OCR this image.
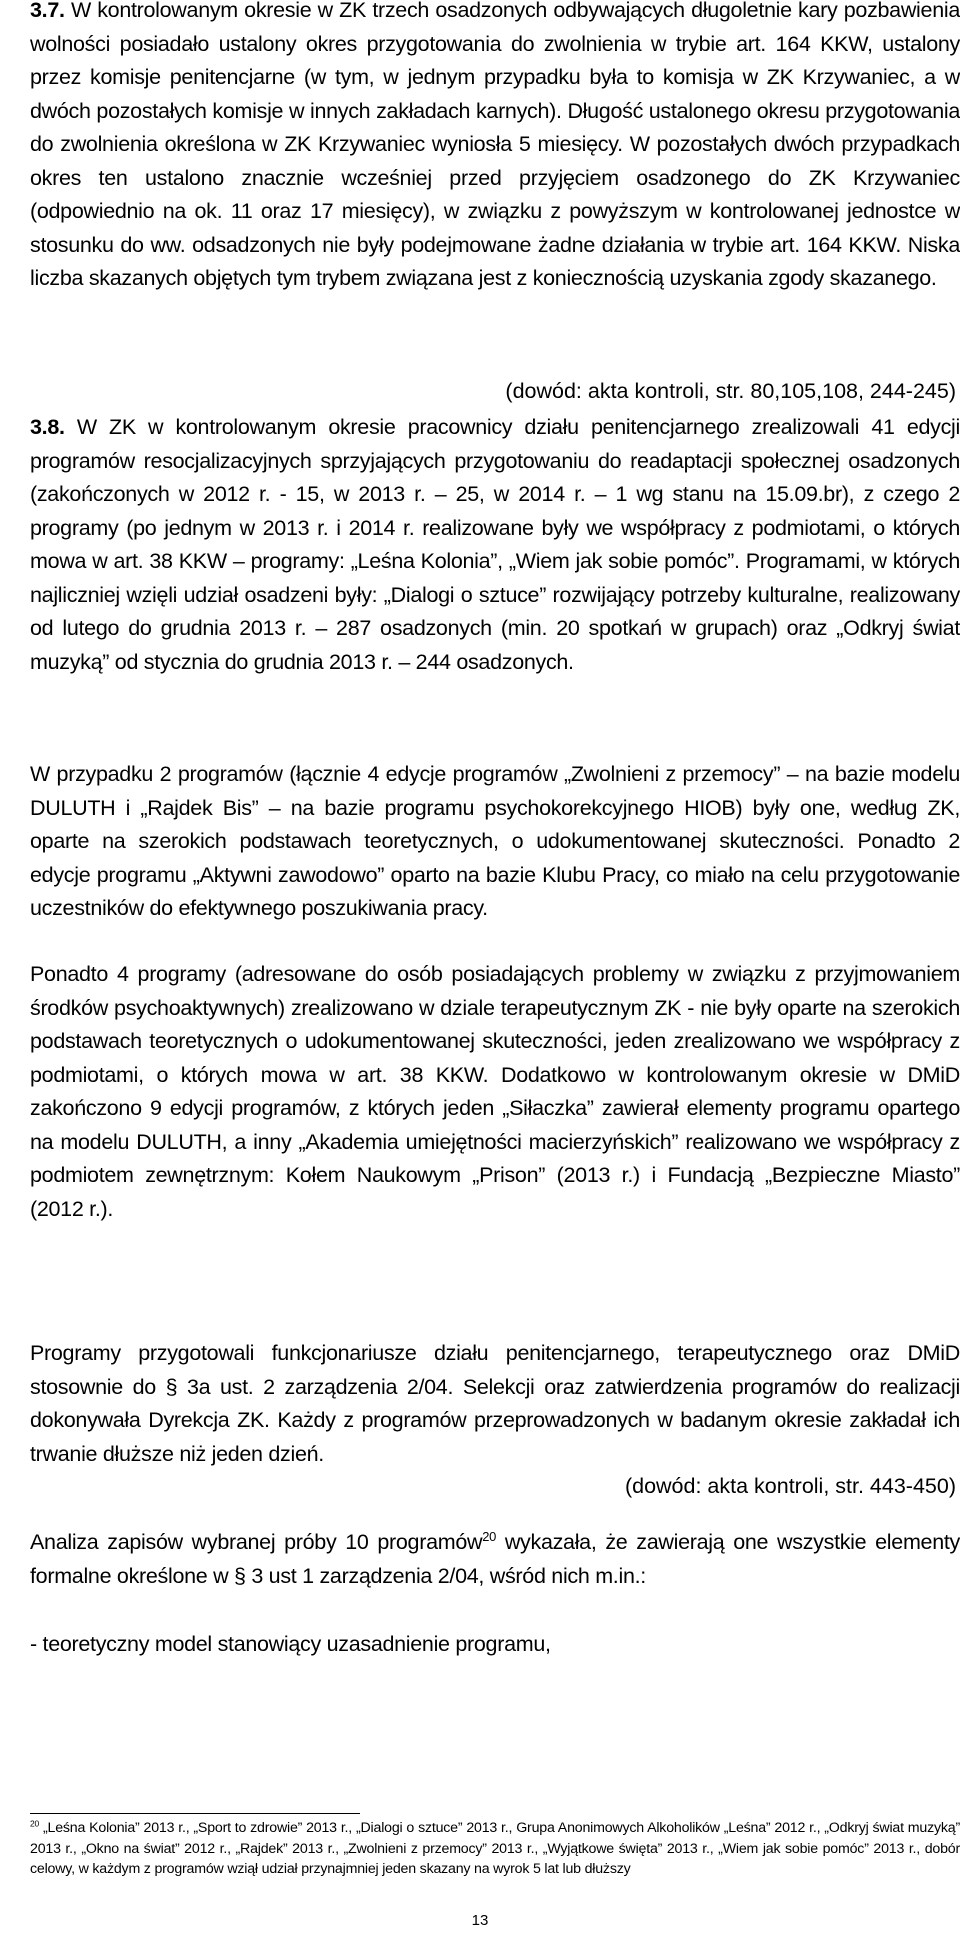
3.7. W kontrolowanym okresie w ZK trzech osadzonych odbywających długoletnie kary pozbawienia wolności posiadało ustalony okres przygotowania do zwolnienia w trybie art. 164 KKW, ustalony przez komisje penitencjarne (w tym, w jednym przypadku była to komisja w ZK Krzywaniec, a w dwóch pozostałych komisje w innych zakładach karnych). Długość ustalonego okresu przygotowania do zwolnienia określona w ZK Krzywaniec wyniosła 5 miesięcy. W pozostałych dwóch przypadkach okres ten ustalono znacznie wcześniej przed przyjęciem osadzonego do ZK Krzywaniec (odpowiednio na ok. 11 oraz 17 miesięcy), w związku z powyższym w kontrolowanej jednostce w stosunku do ww. odsadzonych nie były podejmowane żadne działania w trybie art. 164 KKW. Niska liczba skazanych objętych tym trybem związana jest z koniecznością uzyskania zgody skazanego.

(dowód: akta kontroli, str. 80,105,108, 244-245)

3.8. W ZK w kontrolowanym okresie pracownicy działu penitencjarnego zrealizowali 41 edycji programów resocjalizacyjnych sprzyjających przygotowaniu do readaptacji społecznej osadzonych (zakończonych w 2012 r. - 15, w 2013 r. – 25, w 2014 r. – 1 wg stanu na 15.09.br), z czego 2 programy (po jednym w 2013 r. i 2014 r. realizowane były we współpracy z podmiotami, o których mowa w art. 38 KKW – programy: „Leśna Kolonia”, „Wiem jak sobie pomóc”. Programami, w których najliczniej wzięli udział osadzeni były: „Dialogi o sztuce” rozwijający potrzeby kulturalne, realizowany od lutego do grudnia 2013 r. – 287 osadzonych (min. 20 spotkań w grupach) oraz „Odkryj świat muzyką” od stycznia do grudnia 2013 r. – 244 osadzonych.

W przypadku 2 programów (łącznie 4 edycje programów „Zwolnieni z przemocy” – na bazie modelu DULUTH i „Rajdek Bis” – na bazie programu psychokorekcyjnego HIOB) były one, według ZK, oparte na szerokich podstawach teoretycznych, o udokumentowanej skuteczności. Ponadto 2 edycje programu „Aktywni zawodowo” oparto na bazie Klubu Pracy, co miało na celu przygotowanie uczestników do efektywnego poszukiwania pracy.

Ponadto 4 programy (adresowane do osób posiadających problemy w związku z przyjmowaniem środków psychoaktywnych) zrealizowano w dziale terapeutycznym ZK - nie były oparte na szerokich podstawach teoretycznych o udokumentowanej skuteczności, jeden zrealizowano we współpracy z podmiotami, o których mowa w art. 38 KKW. Dodatkowo w kontrolowanym okresie w DMiD zakończono 9 edycji programów, z których jeden „Siłaczka” zawierał elementy programu opartego na modelu DULUTH, a inny „Akademia umiejętności macierzyńskich” realizowano we współpracy z podmiotem zewnętrznym: Kołem Naukowym „Prison” (2013 r.) i Fundacją „Bezpieczne Miasto” (2012 r.).

Programy przygotowali funkcjonariusze działu penitencjarnego, terapeutycznego oraz DMiD stosownie do § 3a ust. 2 zarządzenia 2/04. Selekcji oraz zatwierdzenia programów do realizacji dokonywała Dyrekcja ZK. Każdy z programów przeprowadzonych w badanym okresie zakładał ich trwanie dłuższe niż jeden dzień.

(dowód: akta kontroli, str. 443-450)

Analiza zapisów wybranej próby 10 programów$^{20}$ wykazała, że zawierają one wszystkie elementy formalne określone w § 3 ust 1 zarządzenia 2/04, wśród nich m.in.:

- teoretyczny model stanowiący uzasadnienie programu,

$^{20}$ „Leśna Kolonia” 2013 r., „Sport to zdrowie” 2013 r., „Dialogi o sztuce” 2013 r., Grupa Anonimowych Alkoholików „Leśna” 2012 r., „Odkryj świat muzyką” 2013 r., „Okno na świat” 2012 r., „Rajdek” 2013 r., „Zwolnieni z przemocy” 2013 r., „Wyjątkowe święta” 2013 r., „Wiem jak sobie pomóc” 2013 r., dobór celowy, w każdym z programów wziął udział przynajmniej jeden skazany na wyrok 5 lat lub dłuższy

13
